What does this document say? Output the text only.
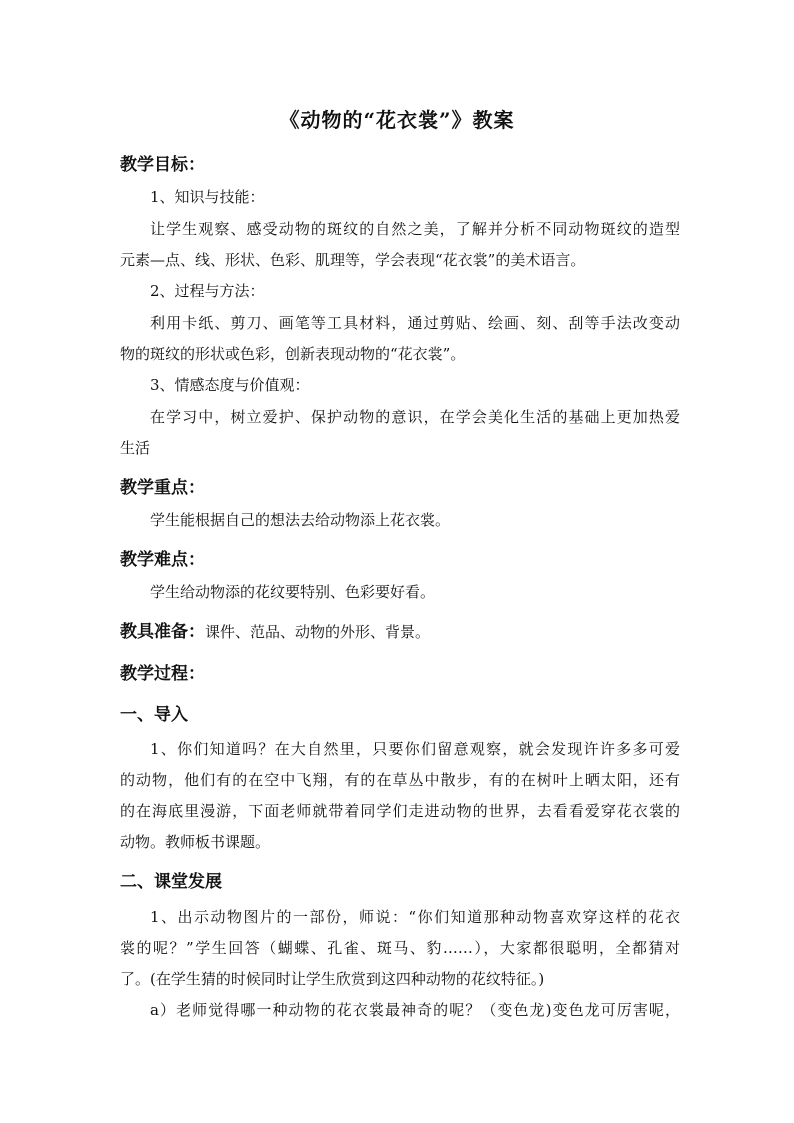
《动物的“花衣裳”》教案
教学目标：
1、知识与技能：
让学生观察、感受动物的斑纹的自然之美，了解并分析不同动物斑纹的造型
元素—点、线、形状、色彩、肌理等，学会表现“花衣裳”的美术语言。
2、过程与方法：
利用卡纸、剪刀、画笔等工具材料，通过剪贴、绘画、刻、刮等手法改变动
物的斑纹的形状或色彩，创新表现动物的“花衣裳”。
3、情感态度与价值观：
在学习中，树立爱护、保护动物的意识，在学会美化生活的基础上更加热爱
生活
教学重点：
学生能根据自己的想法去给动物添上花衣裳。
教学难点：
学生给动物添的花纹要特别、色彩要好看。
教具准备：课件、范品、动物的外形、背景。
教学过程：
一、导入
1、你们知道吗？在大自然里，只要你们留意观察，就会发现许许多多可爱
的动物，他们有的在空中飞翔，有的在草丛中散步，有的在树叶上晒太阳，还有
的在海底里漫游，下面老师就带着同学们走进动物的世界，去看看爱穿花衣裳的
动物。教师板书课题。
二、课堂发展
1、出示动物图片的一部份，师说：“你们知道那种动物喜欢穿这样的花衣
裳的呢？”学生回答（蝴蝶、孔雀、斑马、豹……），大家都很聪明，全都猜对
了。(在学生猜的时候同时让学生欣赏到这四种动物的花纹特征。)
a）老师觉得哪一种动物的花衣裳最神奇的呢？（变色龙)变色龙可厉害呢，
